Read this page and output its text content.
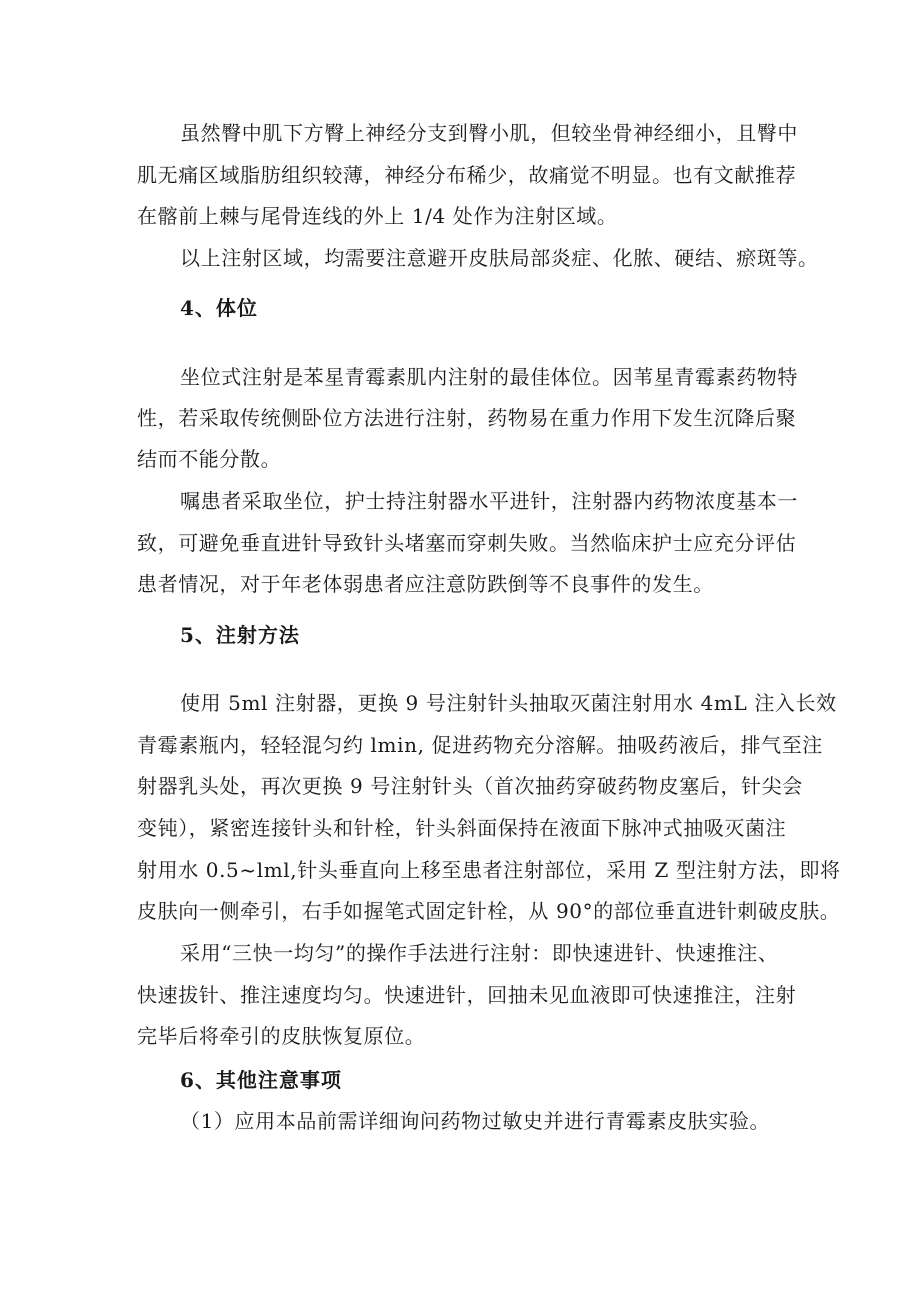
虽然臀中肌下方臀上神经分支到臀小肌，但较坐骨神经细小，且臀中
肌无痛区域脂肪组织较薄，神经分布稀少，故痛觉不明显。也有文献推荐
在髂前上棘与尾骨连线的外上 1/4 处作为注射区域。
以上注射区域，均需要注意避开皮肤局部炎症、化脓、硬结、瘀斑等。
4、体位
坐位式注射是苯星青霉素肌内注射的最佳体位。因苇星青霉素药物特
性，若采取传统侧卧位方法进行注射，药物易在重力作用下发生沉降后聚
结而不能分散。
嘱患者采取坐位，护士持注射器水平进针，注射器内药物浓度基本一
致，可避免垂直进针导致针头堵塞而穿刺失败。当然临床护士应充分评估
患者情况，对于年老体弱患者应注意防跌倒等不良事件的发生。
5、注射方法
使用 5ml 注射器，更换 9 号注射针头抽取灭菌注射用水 4mL 注入长效
青霉素瓶内，轻轻混匀约 lmin, 促进药物充分溶解。抽吸药液后，排气至注
射器乳头处，再次更换 9 号注射针头（首次抽药穿破药物皮塞后，针尖会
变钝），紧密连接针头和针栓，针头斜面保持在液面下脉冲式抽吸灭菌注
射用水 0.5~lml,针头垂直向上移至患者注射部位，采用 Z 型注射方法，即将
皮肤向一侧牵引，右手如握笔式固定针栓，从 90°的部位垂直进针刺破皮肤。
采用“三快一均匀”的操作手法进行注射：即快速进针、快速推注、
快速拔针、推注速度均匀。快速进针，回抽未见血液即可快速推注，注射
完毕后将牵引的皮肤恢复原位。
6、其他注意事项
（1）应用本品前需详细询问药物过敏史并进行青霉素皮肤实验。
